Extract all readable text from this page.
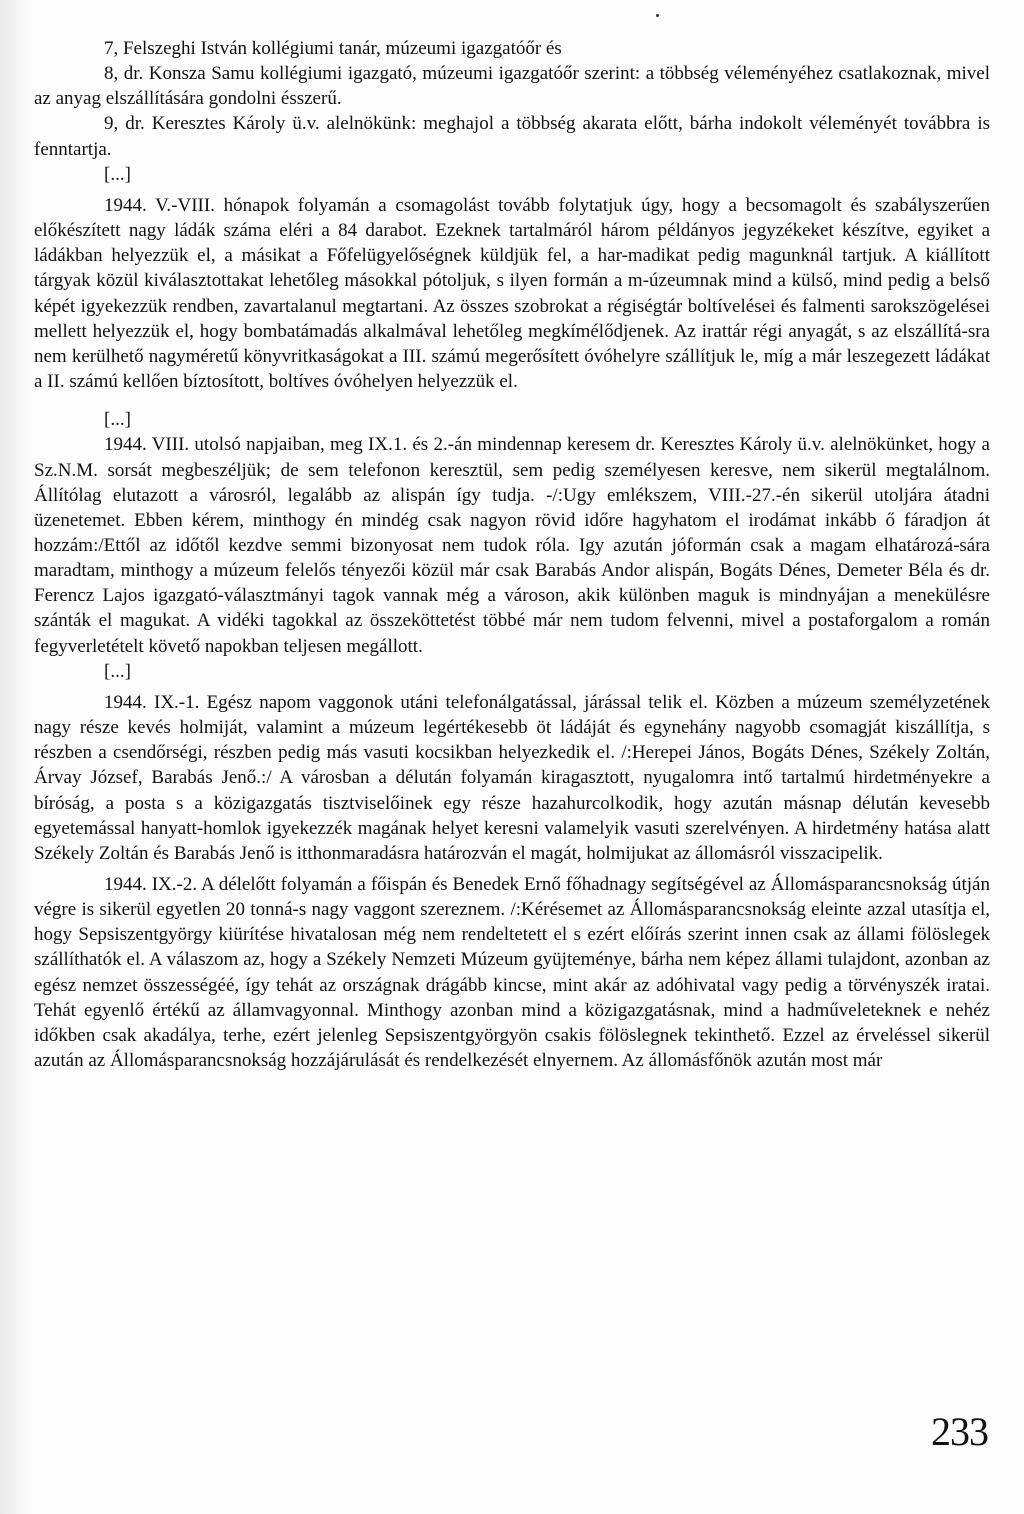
7, Felszeghi István kollégiumi tanár, múzeumi igazgatóőr és

8, dr. Konsza Samu kollégiumi igazgató, múzeumi igazgatóőr szerint: a többség véleményéhez csatlakoznak, mivel az anyag elszállítására gondolni ésszerű.

9, dr. Keresztes Károly ü.v. alelnökünk: meghajol a többség akarata előtt, bárha indokolt véleményét továbbra is fenntartja.

[...]

1944. V.-VIII. hónapok folyamán a csomagolást tovább folytatjuk úgy, hogy a becsomagolt és szabályszerűen előkészített nagy ládák száma eléri a 84 darabot. Ezeknek tartalmáról három példányos jegyzékeket készítve, egyiket a ládákban helyezzük el, a másikat a Főfelügyelőségnek küldjük fel, a har-madikat pedig magunknál tartjuk. A kiállított tárgyak közül kiválasztottakat lehetőleg másokkal pótoljuk, s ilyen formán a m-úzeumnak mind a külső, mind pedig a belső képét igyekezzük rendben, zavartalanul megtartani. Az összes szobrokat a régiségtár boltívelései és falmenti sarokszögelései mellett helyezzük el, hogy bombatámadás alkalmával lehetőleg megkímélődjenek. Az irattár régi anyagát, s az elszállítá-sra nem kerülhető nagyméretű könyvritkaságokat a III. számú megerősített óvóhelyre szállítjuk le, míg a már leszegezett ládákat a II. számú kellően bíztosított, boltíves óvóhelyen helyezzük el.

[...]

1944. VIII. utolsó napjaiban, meg IX.1. és 2.-án mindennap keresem dr. Keresztes Károly ü.v. alelnökünket, hogy a Sz.N.M. sorsát megbeszéljük; de sem telefonon keresztül, sem pedig személyesen keresve, nem sikerül megtalálnom. Állítólag elutazott a városról, legalább az alispán így tudja. -/:Ugy emlékszem, VIII.-27.-én sikerül utoljára átadni üzenetemet. Ebben kérem, minthogy én mindég csak nagyon rövid időre hagyhatom el irodámat inkább ő fáradjon át hozzám:/Ettől az időtől kezdve semmi bizonyosat nem tudok róla. Igy azután jóformán csak a magam elhatározá-sára maradtam, minthogy a múzeum felelős tényezői közül már csak Barabás Andor alispán, Bogáts Dénes, Demeter Béla és dr. Ferencz Lajos igazgató-választmányi tagok vannak még a városon, akik különben maguk is mindnyájan a menekülésre szánták el magukat. A vidéki tagokkal az összeköttetést többé már nem tudom felvenni, mivel a postaforgalom a román fegyverletételt követő napokban teljesen megállott.

[...]

1944. IX.-1. Egész napom vaggonok utáni telefonálgatással, járással telik el. Közben a múzeum személyzetének nagy része kevés holmiját, valamint a múzeum legértékesebb öt ládáját és egynehány nagyobb csomagját kiszállítja, s részben a csendőrségi, részben pedig más vasuti kocsikban helyezkedik el. /:Herepei János, Bogáts Dénes, Székely Zoltán, Árvay József, Barabás Jenő.:/ A városban a délután folyamán kiragasztott, nyugalomra intő tartalmú hirdetményekre a bíróság, a posta s a közigazgatás tisztviselőinek egy része hazahurcolkodik, hogy azután másnap délután kevesebb egyetemással hanyatt-homlok igyekezzék magának helyet keresni valamelyik vasuti szerelvényen. A hirdetmény hatása alatt Székely Zoltán és Barabás Jenő is itthonmaradásra határozván el magát, holmijukat az állomásról visszacipelik.

1944. IX.-2. A délelőtt folyamán a főispán és Benedek Ernő főhadnagy segítségével az Állomásparancsnokság útján végre is sikerül egyetlen 20 tonná-s nagy vaggont szereznem. /:Kérésemet az Állomásparancsnokság eleinte azzal utasítja el, hogy Sepsiszentgyörgy kiürítése hivatalosan még nem rendeltetett el s ezért előírás szerint innen csak az állami fölöslegek szállíthatók el. A válaszom az, hogy a Székely Nemzeti Múzeum gyüjteménye, bárha nem képez állami tulajdont, azonban az egész nemzet összességéé, így tehát az országnak drágább kincse, mint akár az adóhivatal vagy pedig a törvényszék iratai. Tehát egyenlő értékű az államvagyonnal. Minthogy azonban mind a közigazgatásnak, mind a hadműveleteknek e nehéz időkben csak akadálya, terhe, ezért jelenleg Sepsiszentgyörgyön csakis fölöslegnek tekinthető. Ezzel az érveléssel sikerül azután az Állomásparancsnokság hozzájárulását és rendelkezését elnyernem. Az állomásfőnök azután most már

233
